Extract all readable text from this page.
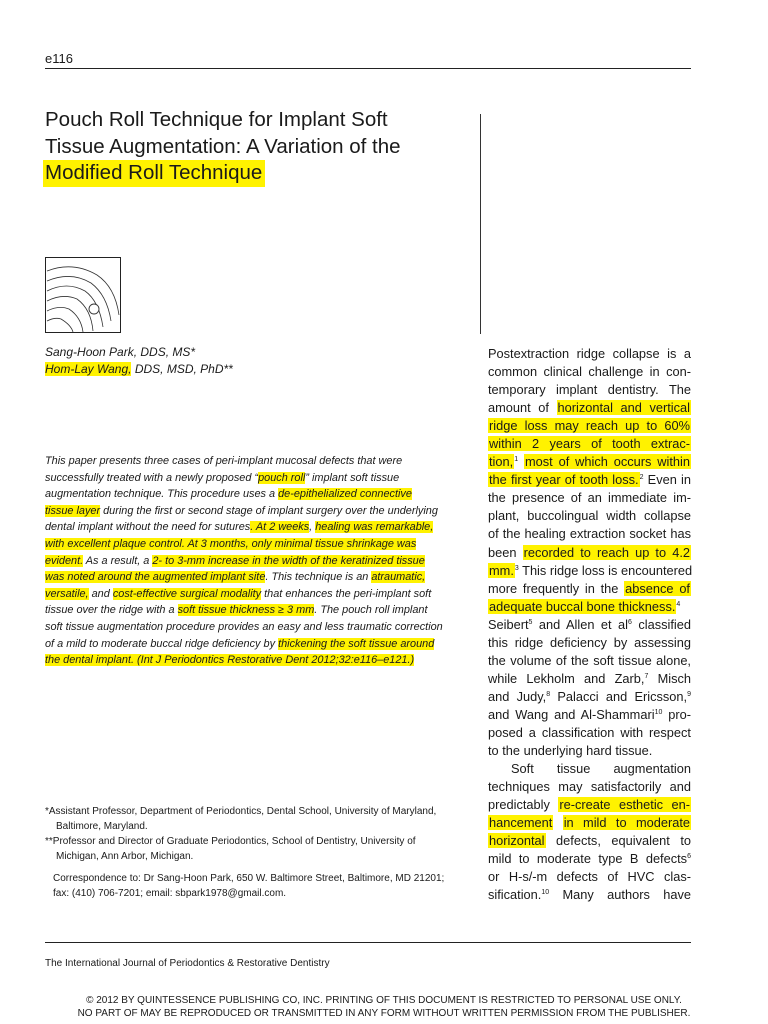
e116
Pouch Roll Technique for Implant Soft
Tissue Augmentation: A Variation of the
Modified Roll Technique
Sang-Hoon Park, DDS, MS*
Hom-Lay Wang, DDS, MSD, PhD**

This paper presents three cases of peri-implant mucosal defects that were
successfully treated with a newly proposed “pouch roll” implant soft tissue
augmentation technique. This procedure uses a de-epithelialized connective
tissue layer during the first or second stage of implant surgery over the underlying
dental implant without the need for sutures. At 2 weeks, healing was remarkable,
with excellent plaque control. At 3 months, only minimal tissue shrinkage was
evident. As a result, a 2- to 3-mm increase in the width of the keratinized tissue
was noted around the augmented implant site. This technique is an atraumatic,
versatile, and cost-effective surgical modality that enhances the peri-implant soft
tissue over the ridge with a soft tissue thickness ≥ 3 mm. The pouch roll implant
soft tissue augmentation procedure provides an easy and less traumatic correction
of a mild to moderate buccal ridge deficiency by thickening the soft tissue around
the dental implant. (Int J Periodontics Restorative Dent 2012;32:e116–e121.)

*Assistant Professor, Department of Periodontics, Dental School, University of Maryland,
Baltimore, Maryland.
**Professor and Director of Graduate Periodontics, School of Dentistry, University of
Michigan, Ann Arbor, Michigan.
Correspondence to: Dr Sang-Hoon Park, 650 W. Baltimore Street, Baltimore, MD 21201;
fax: (410) 706-7201; email: sbpark1978@gmail.com.
Postextraction ridge collapse is a
common clinical challenge in con-
temporary implant dentistry. The
amount of horizontal and vertical
ridge loss may reach up to 60%
within 2 years of tooth extrac-
tion,$^1$ most of which occurs within
the first year of tooth loss.$^2$ Even in
the presence of an immediate im-
plant, buccolingual width collapse
of the healing extraction socket has
been recorded to reach up to 4.2
mm.$^3$ This ridge loss is encountered
more frequently in the absence of
adequate buccal bone thickness.$^4$
Seibert$^5$ and Allen et $al^6$ classified
this ridge deficiency by assessing
the volume of the soft tissue alone,
while Lekholm and Zarb,$^7$ Misch
and Judy,$^8$ Palacci and Ericsson,$^9$
and Wang and Al-Shammari$^{10}$ pro-
posed a classification with respect
to the underlying hard tissue.
Soft tissue augmentation
techniques may satisfactorily and
predictably re-create esthetic en-
hancement in mild to moderate
horizontal defects, equivalent to
mild to moderate type B defects$^6$
or H-s/-m defects of HVC clas-
sification.$^{10}$ Many authors have
The International Journal of Periodontics & Restorative Dentistry
© 2012 BY QUINTESSENCE PUBLISHING CO, INC. PRINTING OF THIS DOCUMENT IS RESTRICTED TO PERSONAL USE ONLY.
NO PART OF MAY BE REPRODUCED OR TRANSMITTED IN ANY FORM WITHOUT WRITTEN PERMISSION FROM THE PUBLISHER.
